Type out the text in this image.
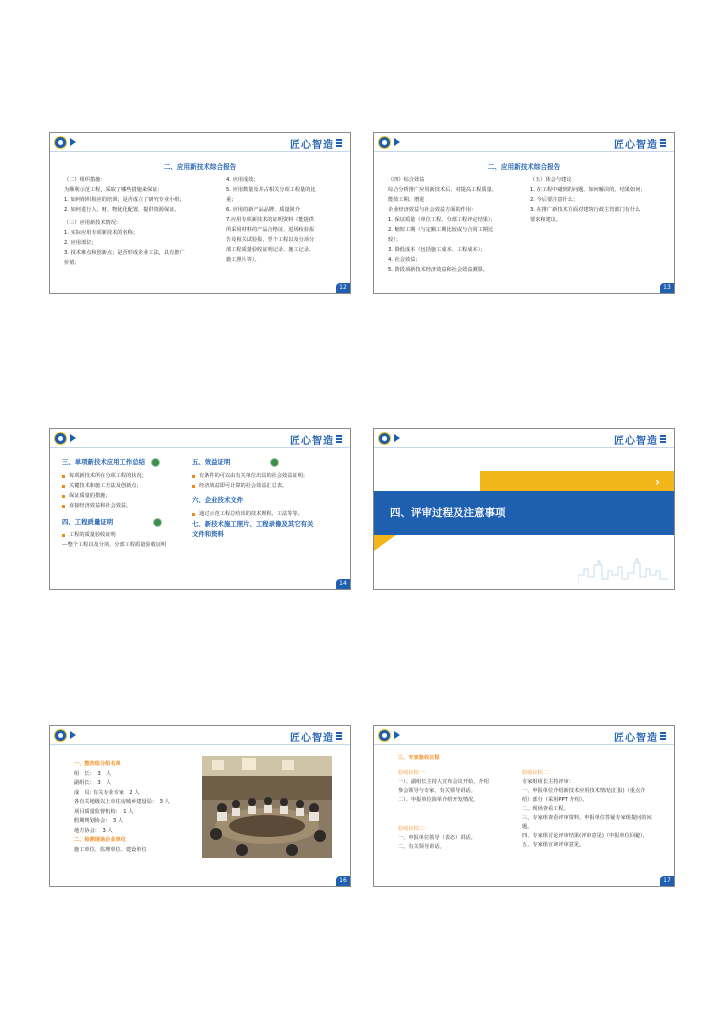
匠心智造
二、应用新技术综合报告
（二）组织措施：
为顺利示范工程，采取了哪些措施来保证：
1. 如何组织相应的培训；是否成立了研究专业小组；
2. 如何进行人、财、物优化配置，提供资源保证。
（三）应用新技术情况：
1. 实际应用专项新技术的名称；
2. 应用部位；
3. 技术难点和创新点；是否形成企业工法，具有推广
价值；
4. 应用成效；
5. 应用数量及并占相关分项工程量的比
重；
6. 应用的新产品品牌、质量简介
7.应用专项新技术的证明资料（能提供
所采用材料的产品合格证、进场检验报
告及相关试验报、竖个工程以及分项分
部工程质量验收证明记录、施工记录、
施工照片等）。
12
匠心智造
二、应用新技术综合报告
（四）综合效益
综合分析推广应用新技术后，对提高工程质量、
能效工期、增进
企业经济效益与社会效益方面的作用：
1. 保证质量（单位工程、分部工程评定结果）；
2. 缩短工期（与定额工期比较或与合同工期比
较）；
3. 降低成本（包括施工成本、工程成本）；
4. 社会效益；
5. 阶段项新技术经济效益和社会效益测算。
（五）体会与建议
1. 在工程中碰到的问题，如何解决的，结果如何；
2. 今后要注意什么；
3. 在推广新技术方面对建筑行政主管部门有什么
要求和建议。
13
匠心智造
三、单项新技术应用工作总结
每项新技术所在分项工程的状况；
关键技术和施工方法及创新点；
保证质量的措施；
直接经济效益和社会效益。
四、工程质量证明
工程的质量验收证明
---整个工程以及分项、分部工程质量验收证明
五、效益证明
有条件的可以由有关单位出具的社会效益证明；
经济效益即可计算的社会效益汇总表。
六、企业技术文件
通过示范工程总结出的技术规程、工法等等。
七、新技术施工照片、工程录像及其它有关
文件和资料
14
匠心智造
›
四、评审过程及注意事项
匠心智造
一、整改组分组名单
组　长：　3　人
副组长：　3　人
成　员: 有关专业专家　2 人
各有关地级以上市住房城乡建设局：　3 人
项目质量监督机构：　1 人
假期规划协会：　3 人
地方协会：　3 人
二、检测现场企业单位
施工单位、监理单位、建设单位
16
匠心智造
三、专家验收议程
验收议程一：
一）、副组长主持人宣布会议开始，介绍
参会领导与专家，有关领导讲话。
二）、申报单位简单介绍开发情况。
验收议程三：
一、申报单位领导（表态）讲话。
二、有关领导讲话。
验收议程二：
专家组组长主持评审：
一、申报单位介绍新技术应用技术情况(汇报)（重点介
绍）部分（采用PPT 介绍）。
二、现场查看工程。
三、专家组查看评审资料，申报单位答疑专家组提问的问
题。
四、专家组讨论评审结果(评审意见)（申报单位回避）。
五、专家组宣读评审意见。
17
